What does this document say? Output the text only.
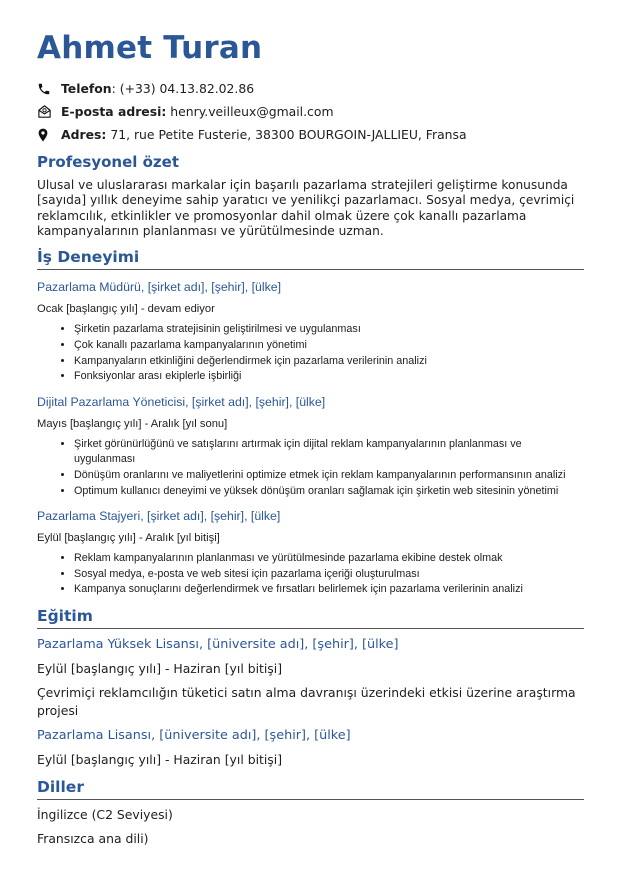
Ahmet Turan
Telefon : (+33) 04.13.82.02.86
E-posta adresi: henry.veilleux@gmail.com
Adres: 71, rue Petite Fusterie, 38300 BOURGOIN-JALLIEU, Fransa
Profesyonel özet
Ulusal ve uluslararası markalar için başarılı pazarlama stratejileri geliştirme konusunda [sayıda] yıllık deneyime sahip yaratıcı ve yenilikçi pazarlamacı. Sosyal medya, çevrimiçi reklamcılık, etkinlikler ve promosyonlar dahil olmak üzere çok kanallı pazarlama kampanyalarının planlanması ve yürütülmesinde uzman.
İş Deneyimi
Pazarlama Müdürü, [şirket adı], [şehir], [ülke]
Ocak [başlangıç yılı] - devam ediyor
• Şirketin pazarlama stratejisinin geliştirilmesi ve uygulanması
• Çok kanallı pazarlama kampanyalarının yönetimi
• Kampanyaların etkinliğini değerlendirmek için pazarlama verilerinin analizi
• Fonksiyonlar arası ekiplerle işbirliği
Dijital Pazarlama Yöneticisi, [şirket adı], [şehir], [ülke]
Mayıs [başlangıç yılı] - Aralık [yıl sonu]
• Şirket görünürlüğünü ve satışlarını artırmak için dijital reklam kampanyalarının planlanması ve uygulanması
• Dönüşüm oranlarını ve maliyetlerini optimize etmek için reklam kampanyalarının performansının analizi
• Optimum kullanıcı deneyimi ve yüksek dönüşüm oranları sağlamak için şirketin web sitesinin yönetimi
Pazarlama Stajyeri, [şirket adı], [şehir], [ülke]
Eylül [başlangıç yılı] - Aralık [yıl bitişi]
• Reklam kampanyalarının planlanması ve yürütülmesinde pazarlama ekibine destek olmak
• Sosyal medya, e-posta ve web sitesi için pazarlama içeriği oluşturulması
• Kampanya sonuçlarını değerlendirmek ve fırsatları belirlemek için pazarlama verilerinin analizi
Eğitim
Pazarlama Yüksek Lisansı, [üniversite adı], [şehir], [ülke]
Eylül [başlangıç yılı] - Haziran [yıl bitişi]
Çevrimiçi reklamcılığın tüketici satın alma davranışı üzerindeki etkisi üzerine araştırma projesi
Pazarlama Lisansı, [üniversite adı], [şehir], [ülke]
Eylül [başlangıç yılı] - Haziran [yıl bitişi]
Diller
İngilizce (C2 Seviyesi)
Fransızca ana dili)
